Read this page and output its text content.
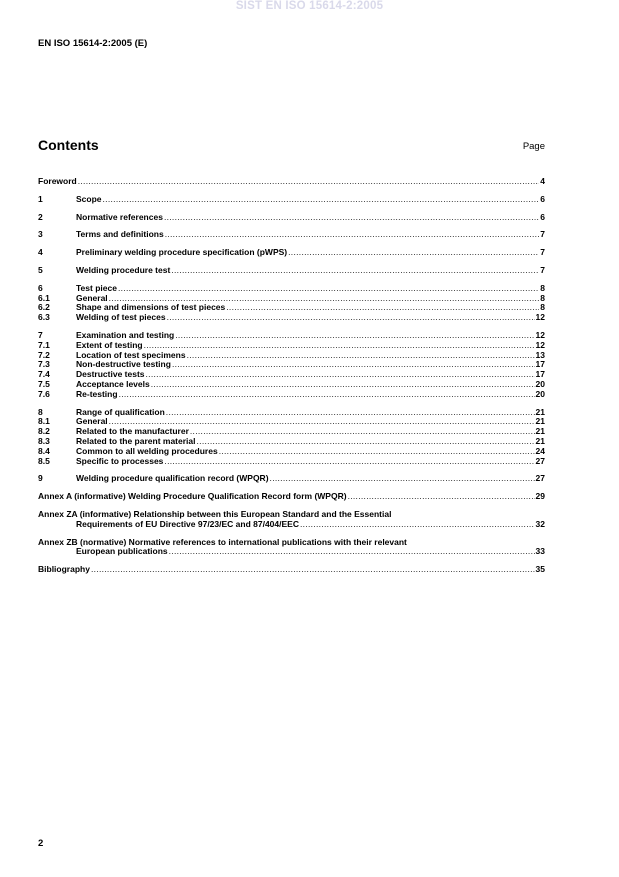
SIST EN ISO 15614-2:2005
EN ISO 15614-2:2005 (E)
Contents	Page
Foreword .....	4
1	Scope .....	6
2	Normative references .....	6
3	Terms and definitions .....	7
4	Preliminary welding procedure specification (pWPS) .....	7
5	Welding procedure test .....	7
6	Test piece .....	8
6.1	General .....	8
6.2	Shape and dimensions of test pieces .....	8
6.3	Welding of test pieces .....	12
7	Examination and testing .....	12
7.1	Extent of testing .....	12
7.2	Location of test specimens .....	13
7.3	Non-destructive testing .....	17
7.4	Destructive tests .....	17
7.5	Acceptance levels .....	20
7.6	Re-testing .....	20
8	Range of qualification .....	21
8.1	General .....	21
8.2	Related to the manufacturer .....	21
8.3	Related to the parent material .....	21
8.4	Common to all welding procedures .....	24
8.5	Specific to processes .....	27
9	Welding procedure qualification record (WPQR) .....	27
Annex A (informative) Welding Procedure Qualification Record form (WPQR) .....	29
Annex ZA (informative) Relationship between this European Standard and the Essential
Requirements of EU Directive 97/23/EC and 87/404/EEC .....	32
Annex ZB (normative) Normative references to international publications with their relevant
European publications .....	33
Bibliography .....	35
2
